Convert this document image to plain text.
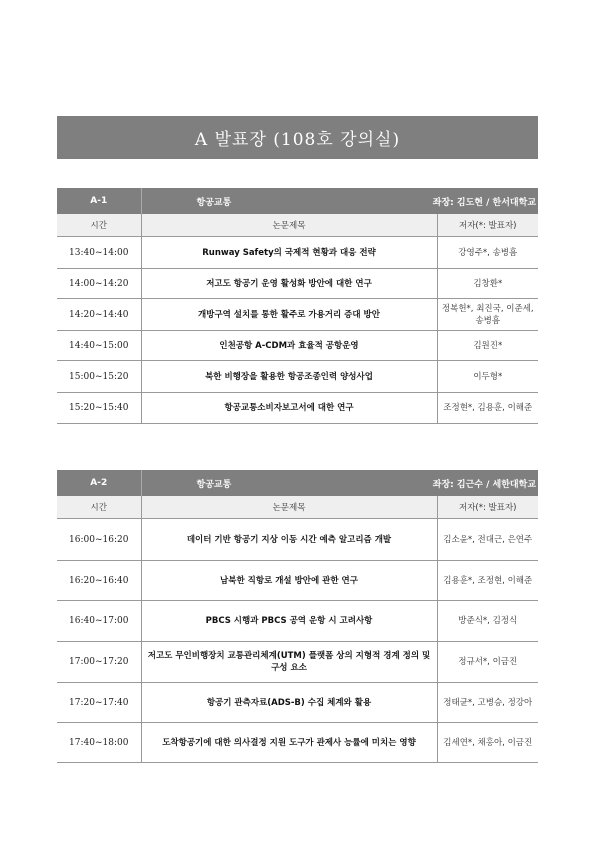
A 발표장 (108호 강의실)
A-1	항공교통 좌장: 김도현 / 한서대학교	

시간	논문제목	저자(*: 발표자)
13:40~14:00	Runway Safety의 국제적 현황과 대응 전략	강영주*, 송병흠
14:00~14:20	저고도 항공기 운영 활성화 방안에 대한 연구	김창환*
14:20~14:40	개방구역 설치를 통한 활주로 가용거리 증대 방안	정복헌*, 최진국, 이준세, 송병흠
14:40~15:00	인천공항 A-CDM과 효율적 공항운영	김원진*
15:00~15:20	북한 비행장을 활용한 항공조종인력 양성사업	이두형*
15:20~15:40	항공교통소비자보고서에 대한 연구	조정현*, 김용훈, 이해준
A-2	항공교통 좌장: 김근수 / 세한대학교	

시간	논문제목	저자(*: 발표자)
16:00~16:20	데이터 기반 항공기 지상 이동 시간 예측 알고리즘 개발	김소윤*, 전대근, 은연주
16:20~16:40	남북한 직항로 개설 방안에 관한 연구	김용훈*, 조정현, 이해준
16:40~17:00	PBCS 시행과 PBCS 공역 운항 시 고려사항	방준식*, 김정식
17:00~17:20	저고도 무인비행장치 교통관리체계(UTM) 플랫폼 상의 지형적 경계 정의 및 구성 요소	정규서*, 이금진
17:20~17:40	항공기 관측자료(ADS-B) 수집 체계와 활용	정태균*, 고병승, 정강아
17:40~18:00	도착항공기에 대한 의사결정 지원 도구가 관제사 능률에 미치는 영향	김세연*, 채홍아, 이금진
